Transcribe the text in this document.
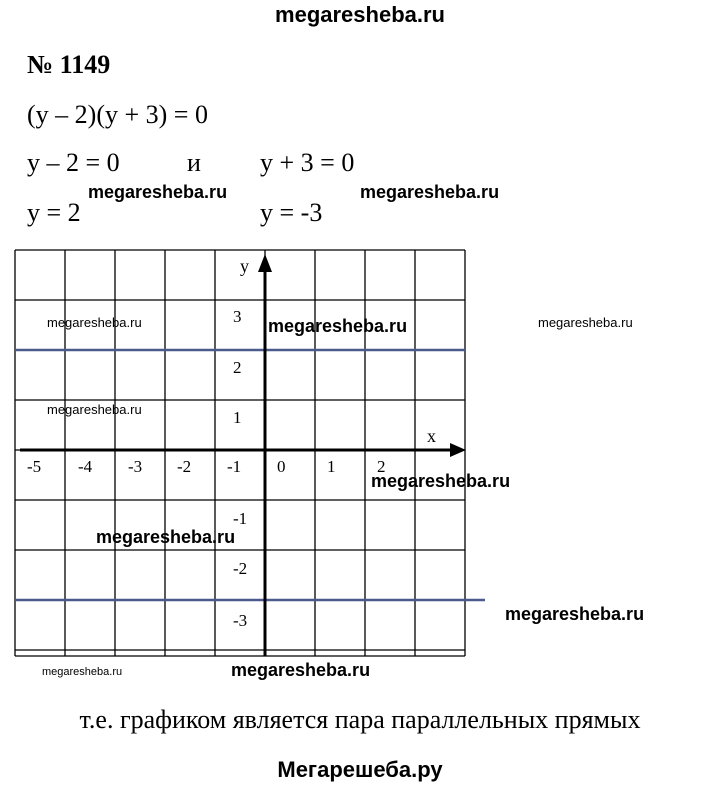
megaresheba.ru
№ 1149
(y – 2)(y + 3) = 0
y – 2 = 0	и y + 3 = 0
y = 2	y = -3
-5 -4 -3 -2 -1 0 1 2
3
2
1
-1
-2
-3
x
y
megaresheba.ru	megaresheba.ru
megaresheba.ru	megaresheba.ru	megaresheba.ru
megaresheba.ru
megaresheba.ru
megaresheba.ru
megaresheba.ru
megaresheba.ru	megaresheba.ru
т.е. графиком является пара параллельных прямых
Мегарешеба.ру
